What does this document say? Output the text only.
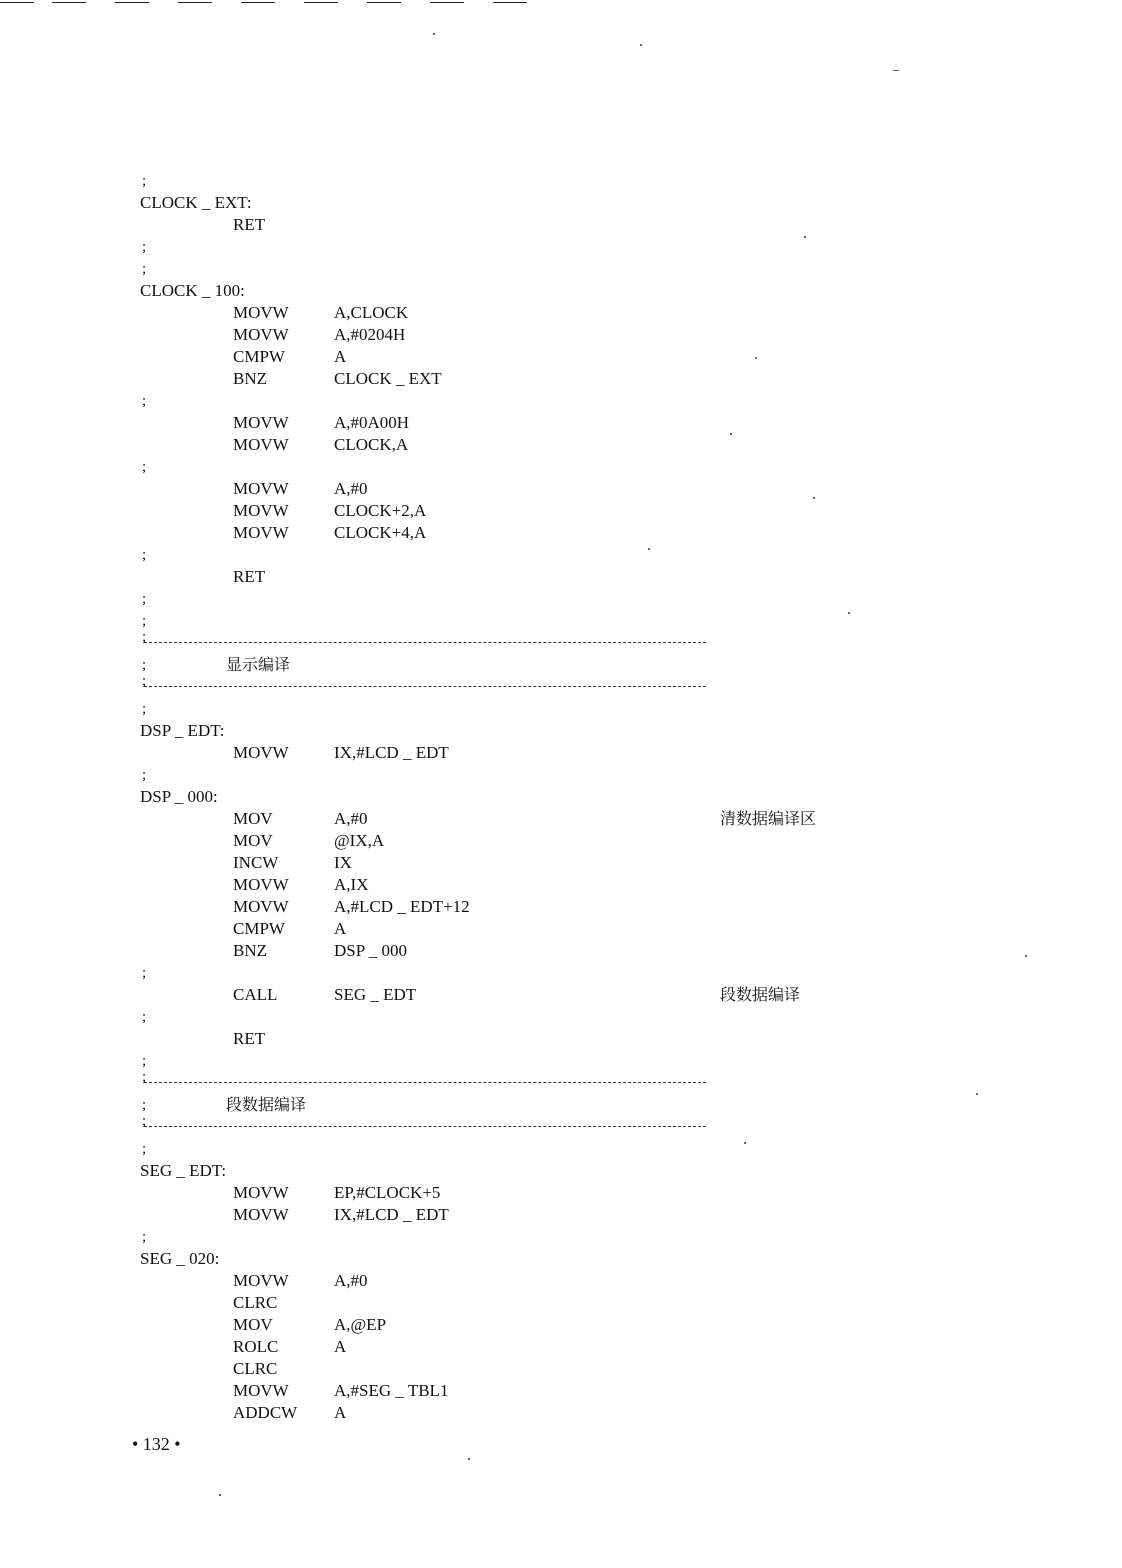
;
CLOCK _ EXT:
RET
;
;
CLOCK _ 100:
MOVW	A,CLOCK
MOVW	A,#0204H
CMPW	A
BNZ	CLOCK _ EXT
;
MOVW	A,#0A00H
MOVW	CLOCK,A
;
MOVW	A,#0
MOVW	CLOCK+2,A
MOVW	CLOCK+4,A
;
RET
;
;
;
;	显示编译
;
;
DSP _ EDT:
MOVW	IX,#LCD _ EDT
;
DSP _ 000:
MOV	A,#0	清数据编译区
MOV	@IX,A
INCW	IX
MOVW	A,IX
MOVW	A,#LCD _ EDT+12
CMPW	A
BNZ	DSP _ 000
;
CALL	SEG _ EDT	段数据编译
;
RET
;
;
;	段数据编译
;
;
SEG _ EDT:
MOVW	EP,#CLOCK+5
MOVW	IX,#LCD _ EDT
;
SEG _ 020:
MOVW	A,#0
CLRC
MOV	A,@EP
ROLC	A
CLRC
MOVW	A,#SEG _ TBL1
ADDCW A
• 132 •
